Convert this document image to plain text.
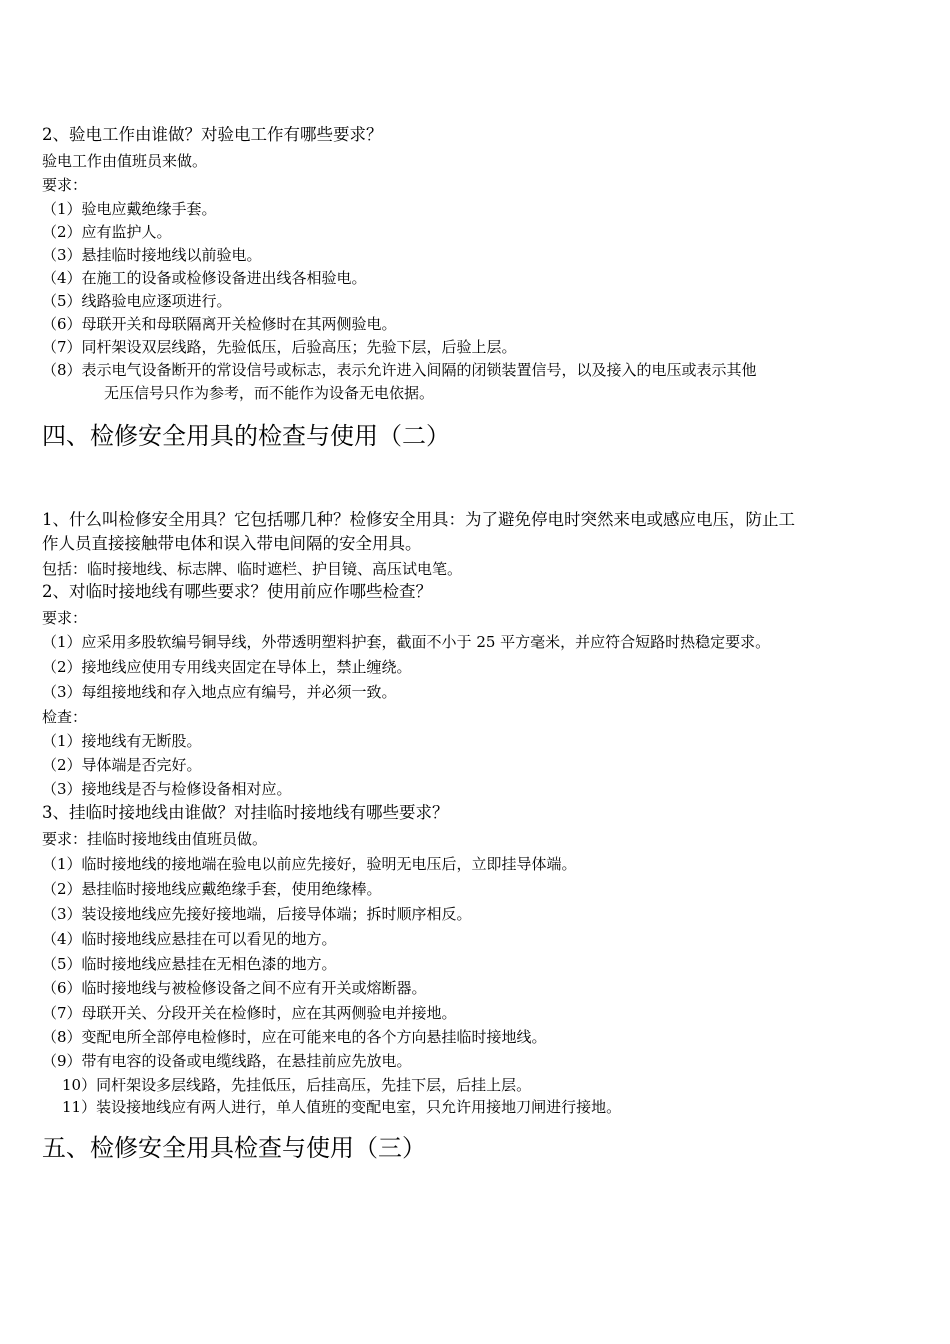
2、验电工作由谁做？对验电工作有哪些要求？
验电工作由值班员来做。
要求：
（1）验电应戴绝缘手套。
（2）应有监护人。
（3）悬挂临时接地线以前验电。
（4）在施工的设备或检修设备进出线各相验电。
（5）线路验电应逐项进行。
（6）母联开关和母联隔离开关检修时在其两侧验电。
（7）同杆架设双层线路，先验低压，后验高压；先验下层，后验上层。
（8）表示电气设备断开的常设信号或标志，表示允许进入间隔的闭锁装置信号，以及接入的电压或表示其他
无压信号只作为参考，而不能作为设备无电依据。
四、检修安全用具的检查与使用（二）
1、什么叫检修安全用具？它包括哪几种？检修安全用具：为了避免停电时突然来电或感应电压，防止工
作人员直接接触带电体和误入带电间隔的安全用具。
包括：临时接地线、标志牌、临时遮栏、护目镜、高压试电笔。
2、对临时接地线有哪些要求？使用前应作哪些检查？
要求：
（1）应采用多股软编号铜导线，外带透明塑料护套，截面不小于 25 平方毫米，并应符合短路时热稳定要求。
（2）接地线应使用专用线夹固定在导体上，禁止缠绕。
（3）每组接地线和存入地点应有编号，并必须一致。
检查：
（1）接地线有无断股。
（2）导体端是否完好。
（3）接地线是否与检修设备相对应。
3、挂临时接地线由谁做？对挂临时接地线有哪些要求？
要求：挂临时接地线由值班员做。
（1）临时接地线的接地端在验电以前应先接好，验明无电压后，立即挂导体端。
（2）悬挂临时接地线应戴绝缘手套，使用绝缘棒。
（3）装设接地线应先接好接地端，后接导体端；拆时顺序相反。
（4）临时接地线应悬挂在可以看见的地方。
（5）临时接地线应悬挂在无相色漆的地方。
（6）临时接地线与被检修设备之间不应有开关或熔断器。
（7）母联开关、分段开关在检修时，应在其两侧验电并接地。
（8）变配电所全部停电检修时，应在可能来电的各个方向悬挂临时接地线。
（9）带有电容的设备或电缆线路，在悬挂前应先放电。
10）同杆架设多层线路，先挂低压，后挂高压，先挂下层，后挂上层。
11）装设接地线应有两人进行，单人值班的变配电室，只允许用接地刀闸进行接地。
五、检修安全用具检查与使用（三）
